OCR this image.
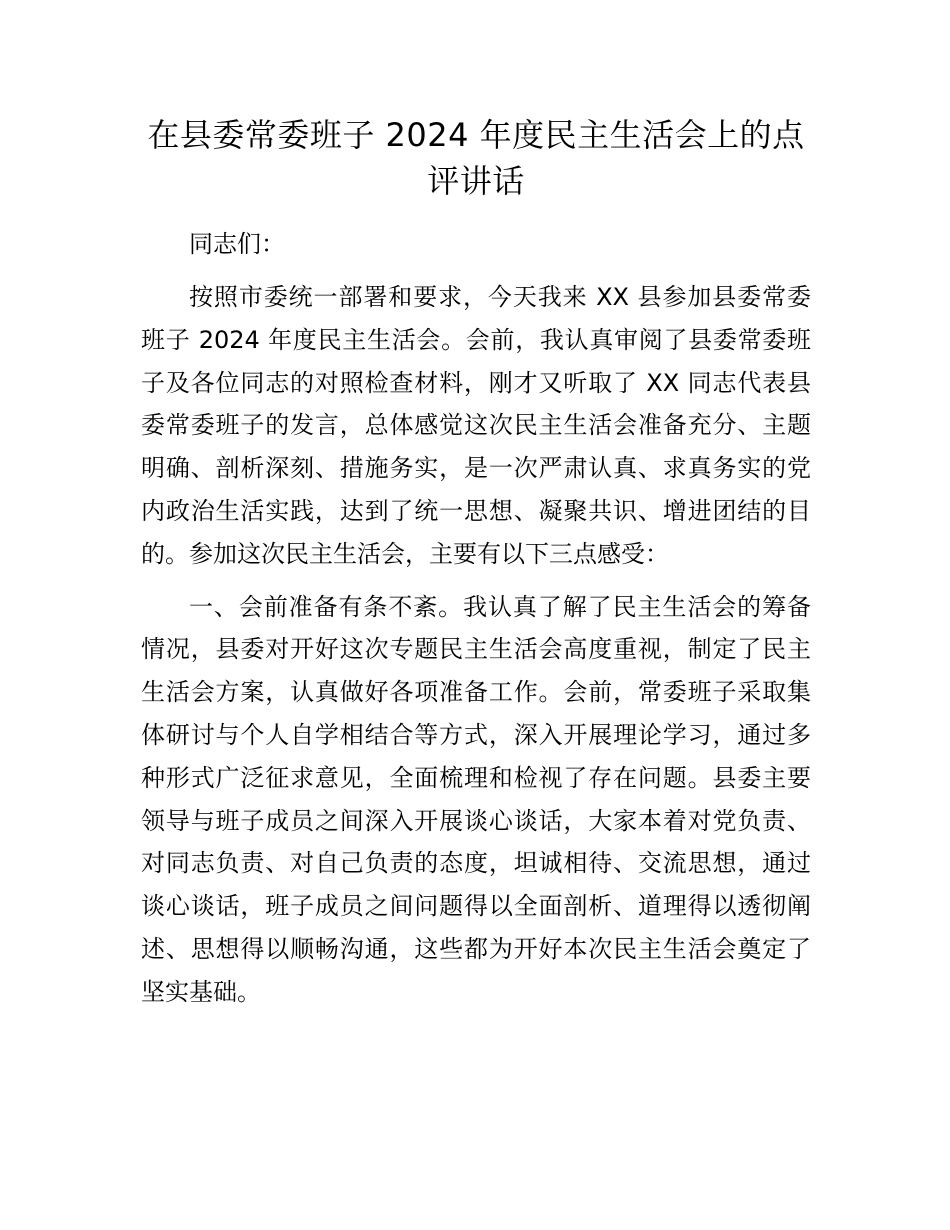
在县委常委班子 2024 年度民主生活会上的点评讲话

同志们：

按照市委统一部署和要求，今天我来 XX 县参加县委常委班子 2024 年度民主生活会。会前，我认真审阅了县委常委班子及各位同志的对照检查材料，刚才又听取了 XX 同志代表县委常委班子的发言，总体感觉这次民主生活会准备充分、主题明确、剖析深刻、措施务实，是一次严肃认真、求真务实的党内政治生活实践，达到了统一思想、凝聚共识、增进团结的目的。参加这次民主生活会，主要有以下三点感受：

一、会前准备有条不紊。我认真了解了民主生活会的筹备情况，县委对开好这次专题民主生活会高度重视，制定了民主生活会方案，认真做好各项准备工作。会前，常委班子采取集体研讨与个人自学相结合等方式，深入开展理论学习，通过多种形式广泛征求意见，全面梳理和检视了存在问题。县委主要领导与班子成员之间深入开展谈心谈话，大家本着对党负责、对同志负责、对自己负责的态度，坦诚相待、交流思想，通过谈心谈话，班子成员之间问题得以全面剖析、道理得以透彻阐述、思想得以顺畅沟通，这些都为开好本次民主生活会奠定了坚实基础。
